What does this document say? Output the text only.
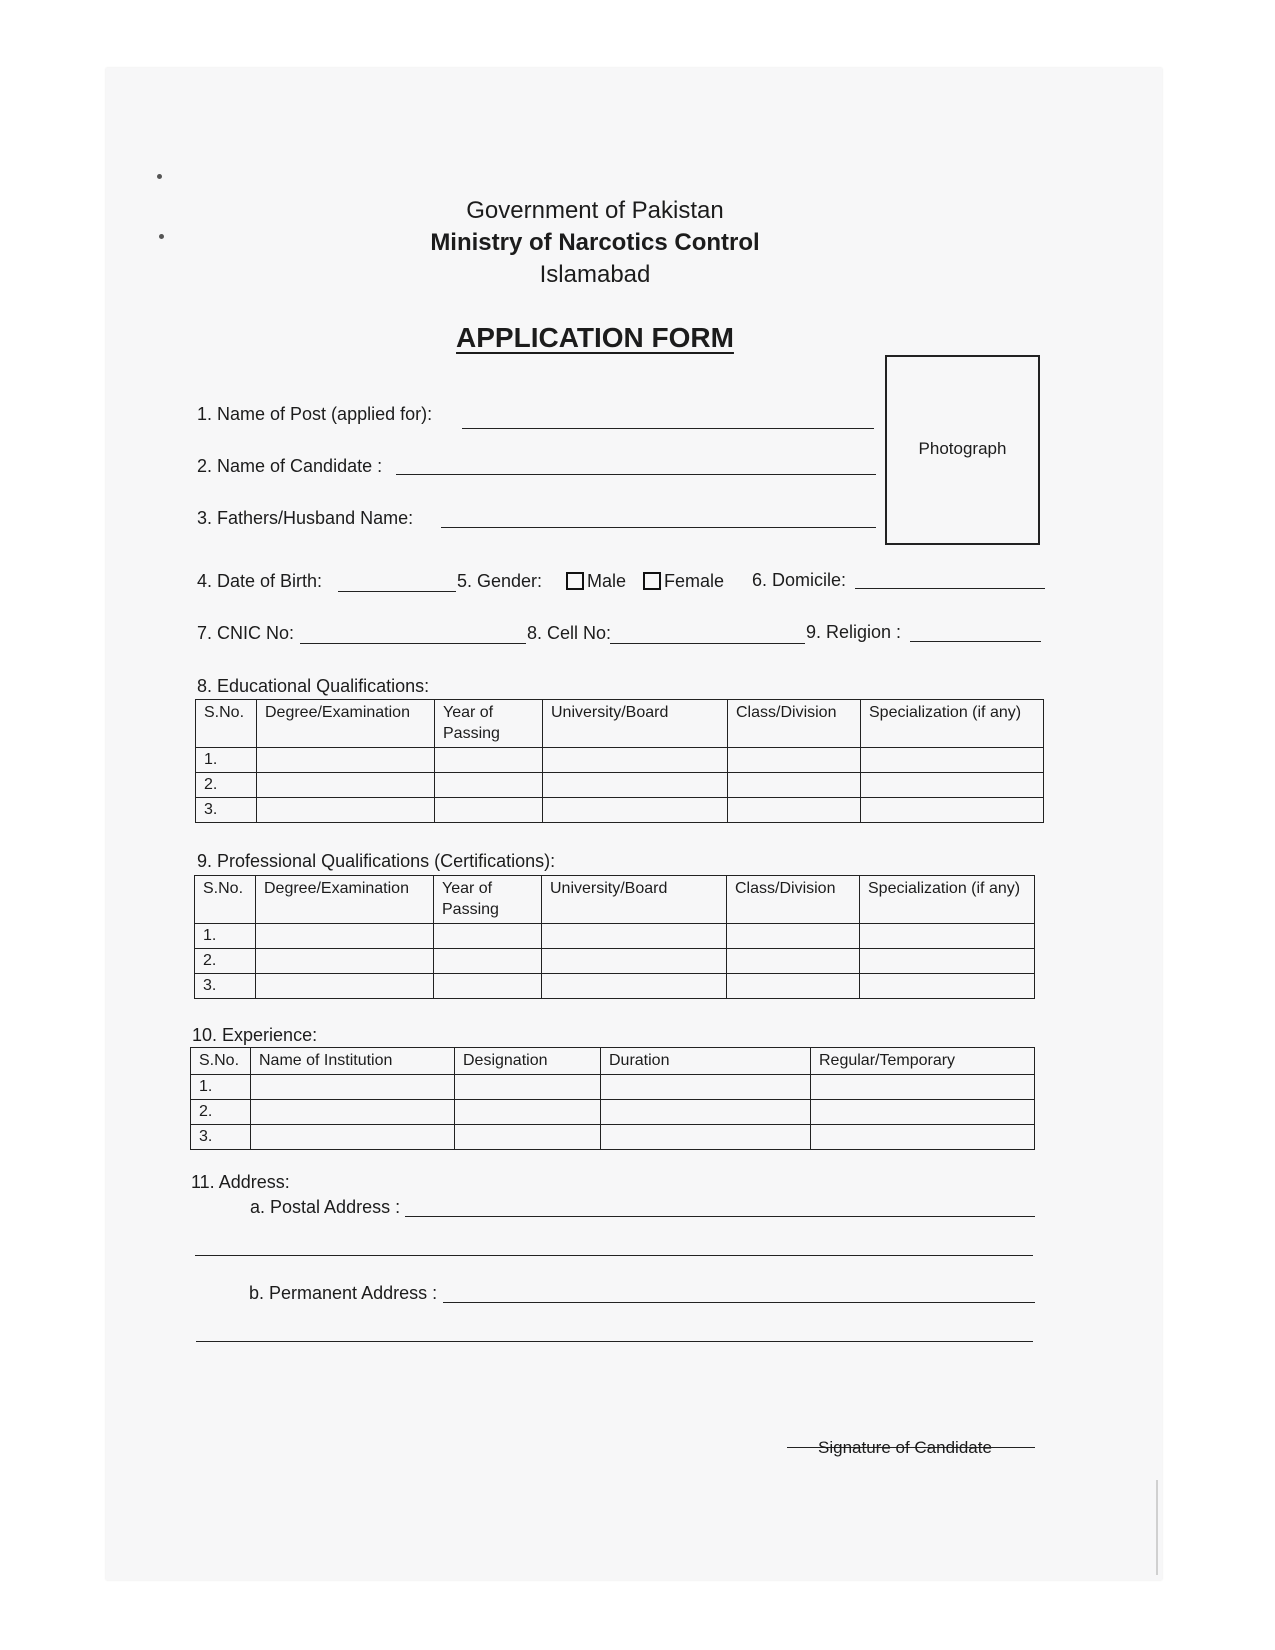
Government of Pakistan
Ministry of Narcotics Control
Islamabad
APPLICATION FORM
Photograph
1. Name of Post (applied for):
2. Name of Candidate :
3. Fathers/Husband Name:
4. Date of Birth:	5. Gender:	Male	Female 6. Domicile:
7. CNIC No:	8. Cell No:	9. Religion :
8. Educational Qualifications:
S.No.	Degree/Examination	Year of Passing	University/Board	Class/Division	Specialization (if any)
1.					
2.					
3.					
9. Professional Qualifications (Certifications):
S.No.	Degree/Examination	Year of Passing	University/Board	Class/Division	Specialization (if any)
1.					
2.					
3.					
10. Experience:
S.No.	Name of Institution	Designation	Duration	Regular/Temporary
1.				
2.				
3.				
11. Address:
a. Postal Address :
b. Permanent Address :
Signature of Candidate
